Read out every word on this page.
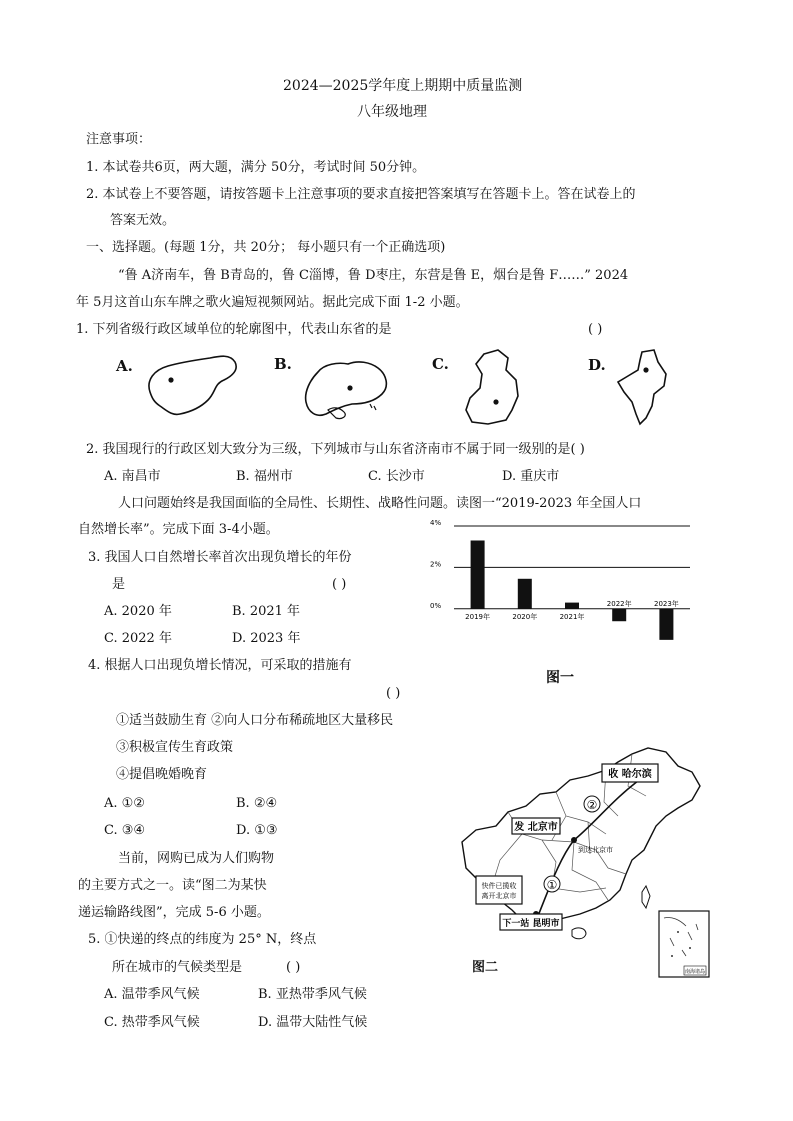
2024—2025学年度上期期中质量监测
八年级地理
注意事项：
1. 本试卷共6页，两大题，满分 50分，考试时间 50分钟。
2. 本试卷上不要答题，请按答题卡上注意事项的要求直接把答案填写在答题卡上。答在试卷上的
答案无效。
一、选择题。(每题 1分，共 20分； 每小题只有一个正确选项)
“鲁 A济南车，鲁 B青岛的，鲁 C淄博，鲁 D枣庄，东营是鲁 E，烟台是鲁 F……” 2024
年 5月这首山东车牌之歌火遍短视频网站。据此完成下面 1-2 小题。
1. 下列省级行政区域单位的轮廓图中，代表山东省的是	( )
A.	B.	C.	D.
2. 我国现行的行政区划大致分为三级，下列城市与山东省济南市不属于同一级别的是( )
A. 南昌市	B. 福州市	C. 长沙市	D. 重庆市
人口问题始终是我国面临的全局性、长期性、战略性问题。读图一“2019-2023 年全国人口
自然增长率”。完成下面 3-4小题。
3. 我国人口自然增长率首次出现负增长的年份
是	( )
A. 2020 年	B. 2021 年
C. 2022 年	D. 2023 年
4%
2%
0%
2019年	2020年	2021年
2022年	2023年
图一
4. 根据人口出现负增长情况，可采取的措施有
( )
①适当鼓励生育 ②向人口分布稀疏地区大量移民
③积极宣传生育政策
④提倡晚婚晚育
A. ①②	B. ②④
C. ③④	D. ①③
当前，网购已成为人们购物
的主要方式之一。读“图二为某快
递运输路线图”，完成 5-6 小题。
5. ①快递的终点的纬度为 25° N，终点
所在城市的气候类型是	( )
A. 温带季风气候	B. 亚热带季风气候
C. 热带季风气候	D. 温带大陆性气候
①
②
收 哈尔滨
发 北京市
到达北京市
快件已揽收
离开北京市
下一站 昆明市
南海诸岛
图二
